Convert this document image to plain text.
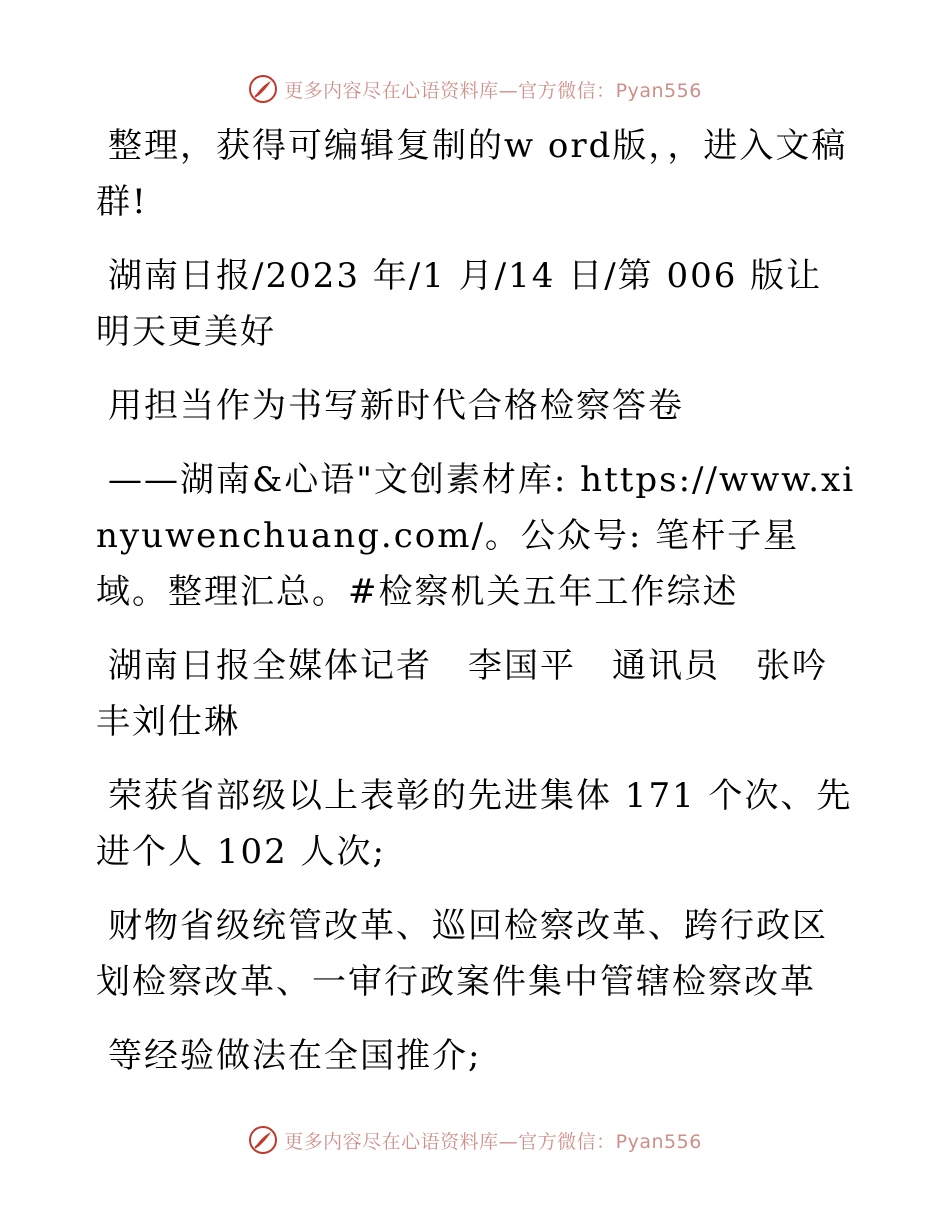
更多内容尽在心语资料库—官方微信：Pyan556

整理，获得可编辑复制的w ord版，，进入文稿群!

湖南日报/2023 年/1 月/14 日/第 006 版让明天更美好

用担当作为书写新时代合格检察答卷

——湖南&心语"文创素材库: https://www.xinyuwenchuang.com/。公众号: 笔杆子星域。整理汇总。#检察机关五年工作综述

湖南日报全媒体记者　李国平　通讯员　张吟丰刘仕琳

荣获省部级以上表彰的先进集体 171 个次、先进个人 102 人次;

财物省级统管改革、巡回检察改革、跨行政区划检察改革、一审行政案件集中管辖检察改革

等经验做法在全国推介;

更多内容尽在心语资料库—官方微信：Pyan556
